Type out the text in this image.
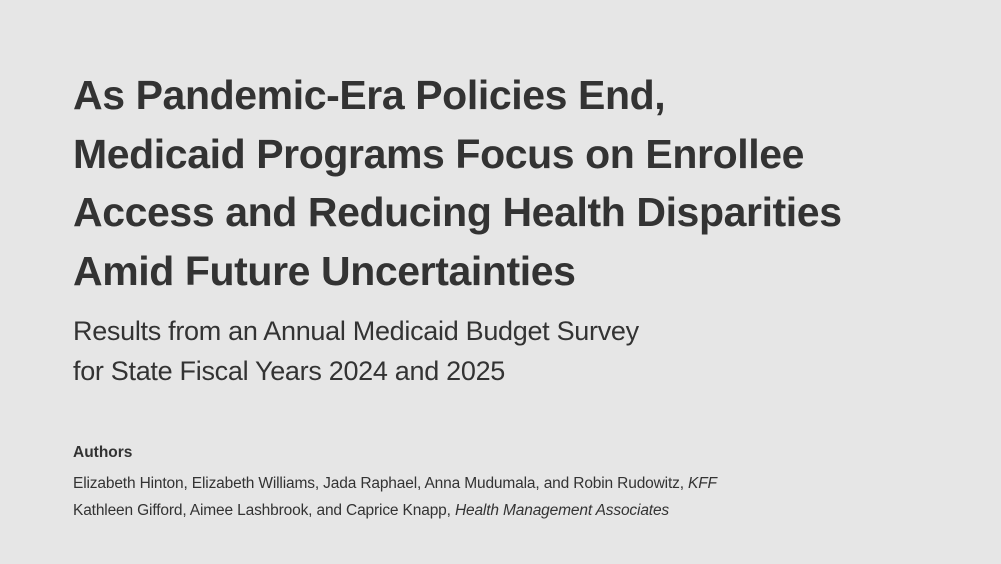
As Pandemic-Era Policies End,
Medicaid Programs Focus on Enrollee
Access and Reducing Health Disparities
Amid Future Uncertainties
Results from an Annual Medicaid Budget Survey
for State Fiscal Years 2024 and 2025
Authors
Elizabeth Hinton, Elizabeth Williams, Jada Raphael, Anna Mudumala, and Robin Rudowitz, KFF
Kathleen Gifford, Aimee Lashbrook, and Caprice Knapp, Health Management Associates
